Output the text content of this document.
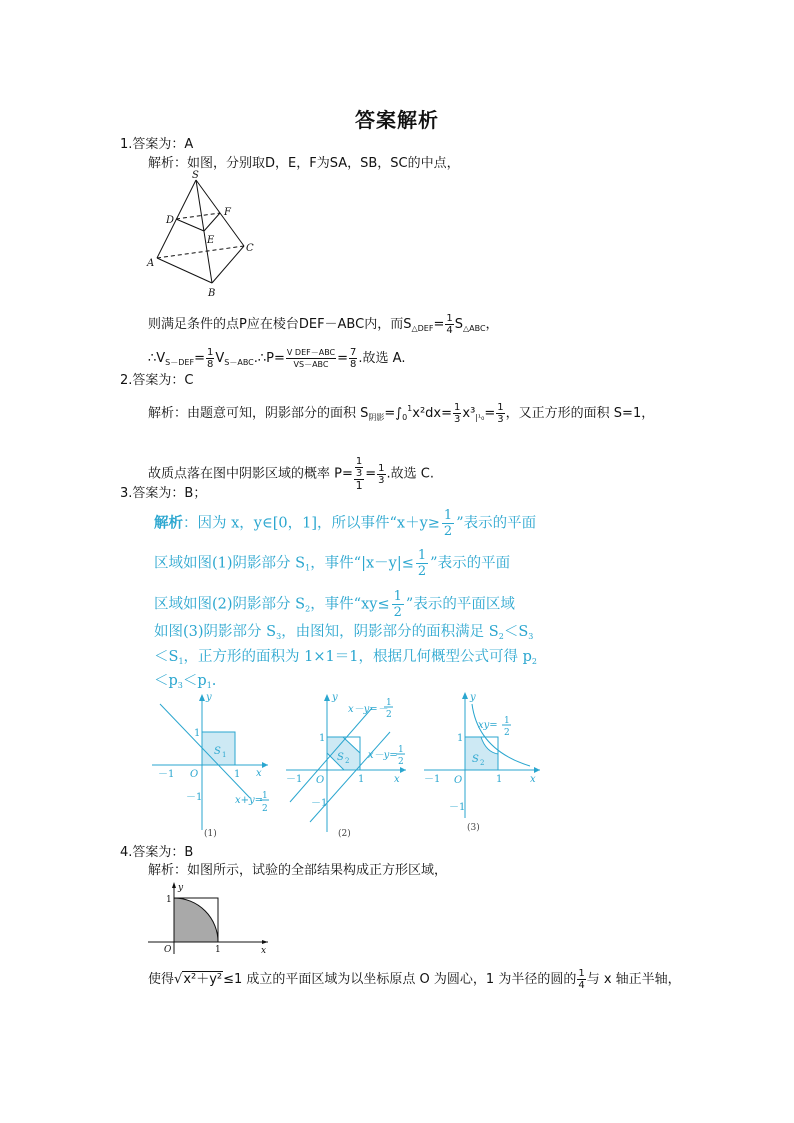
答案解析
1.答案为：A
解析：如图，分别取D，E，F为SA，SB，SC的中点，
S
D
F
E
A
C
B
则满足条件的点P应在棱台DEF－ABC内，而$S_{\triangle DEF}= \frac{1}{4} S_{\triangle ABC}$，
$\therefore V_{S-DEF}= \frac{1}{8}$ $V_{S-ABC}.\therefore P= \frac{\text{V DEF－ABC}}{\text{VS－ABC}} = \frac{7}{8}$ .故选 A.
2.答案为：C
解析：由题意可知，阴影部分的面积 $S_{阴影}=\int_0^1x^2dx= \frac{1}{3} x^3_{|^1_0}= \frac{1}{3}$ ，又正方形的面积 S=1，
故质点落在图中阴影区域的概率 $P= \frac{\frac{1}{3}}{1} = \frac{1}{3}$ .故选 C.
3.答案为：B；
解析：因为 x，y∈[0，1]，所以事件“$x+y\ge \frac{1}{2}$ ”表示的平面
区域如图(1)阴影部分 $S_1$，事件“$|x-y|\le \frac{1}{2}$ ”表示的平面
区域如图(2)阴影部分 $S_2$，事件“$xy\le \frac{1}{2}$ ”表示的平面区域
如图(3)阴影部分 $S_3$，由图知，阴影部分的面积满足 $S_2<S_3$
$<S_1$，正方形的面积为 1×1＝1，根据几何概型公式可得 $p_2$
$<p_3<p_1$.
y
x
O
1
1
－1
－1
S 1
x+y=
1
2
(1)
y
x
O
1
1
－1
－1
S 2
x－y=－
1
2
x－y= 1
2
(2)
y
x
O
1
1
－1
－1
S 2
xy= 1
2
(3)
4.答案为：B
解析：如图所示，试验的全部结果构成正方形区域，
y
x
O
1
1
使得√x²＋y²≤1 成立的平面区域为以坐标原点 O 为圆心，1 为半径的圆的 $\frac{1}{4}$ 与 x 轴正半轴，
